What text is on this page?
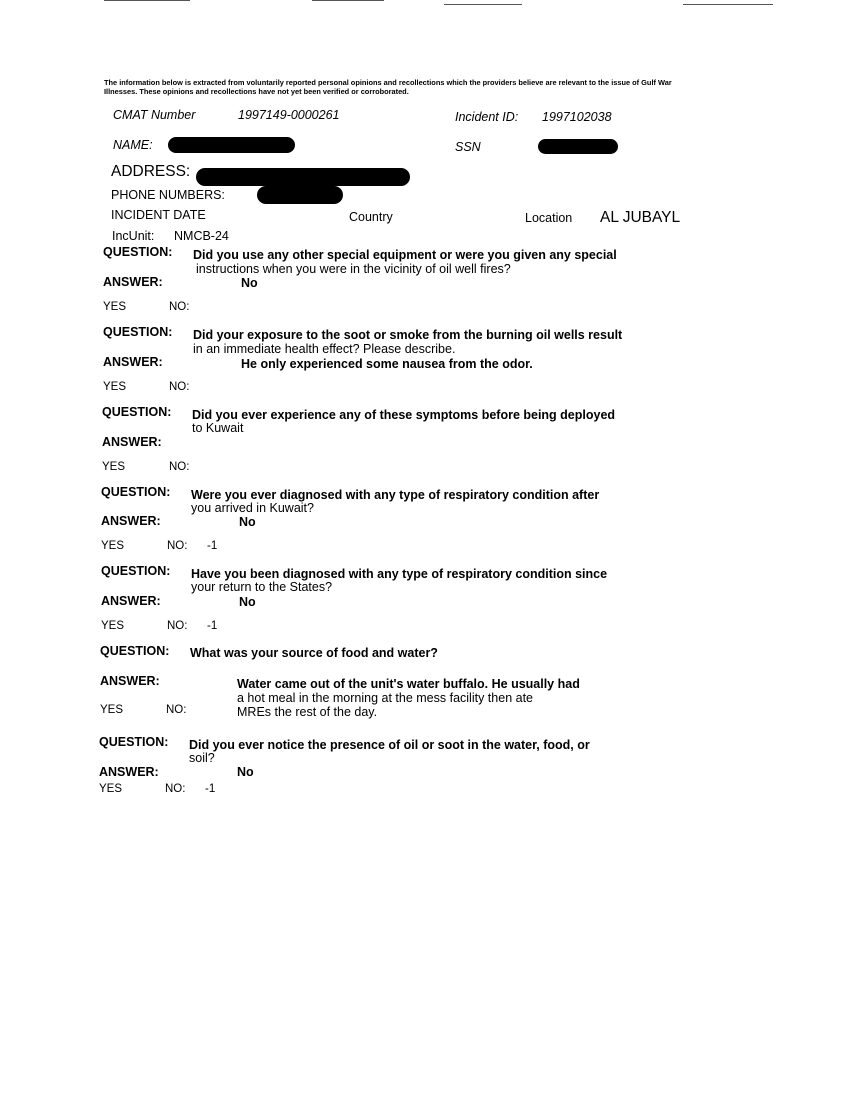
The information below is extracted from voluntarily reported personal opinions and recollections which the providers believe are relevant to the issue of Gulf War Illnesses. These opinions and recollections have not yet been verified or corroborated.
CMAT Number	1997149-0000261	Incident ID: 1997102038
NAME:	SSN
ADDRESS:
PHONE NUMBERS:
INCIDENT DATE	Country	Location AL JUBAYL
IncUnit: NMCB-24
QUESTION: Did you use any other special equipment or were you given any special
instructions when you were in the vicinity of oil well fires?
ANSWER:	No
YES	NO:
QUESTION: Did your exposure to the soot or smoke from the burning oil wells result
in an immediate health effect? Please describe.
ANSWER:	He only experienced some nausea from the odor.
YES	NO:
QUESTION: Did you ever experience any of these symptoms before being deployed
to Kuwait
ANSWER:
YES	NO:
QUESTION: Were you ever diagnosed with any type of respiratory condition after
you arrived in Kuwait?
ANSWER:	No
YES	NO: -1
QUESTION: Have you been diagnosed with any type of respiratory condition since
your return to the States?
ANSWER:	No
YES	NO: -1
QUESTION: What was your source of food and water?
ANSWER:	Water came out of the unit's water buffalo. He usually had
a hot meal in the morning at the mess facility then ate
YES	NO:	MREs the rest of the day.
QUESTION: Did you ever notice the presence of oil or soot in the water, food, or
soil?
ANSWER:	No
YES	NO: -1
